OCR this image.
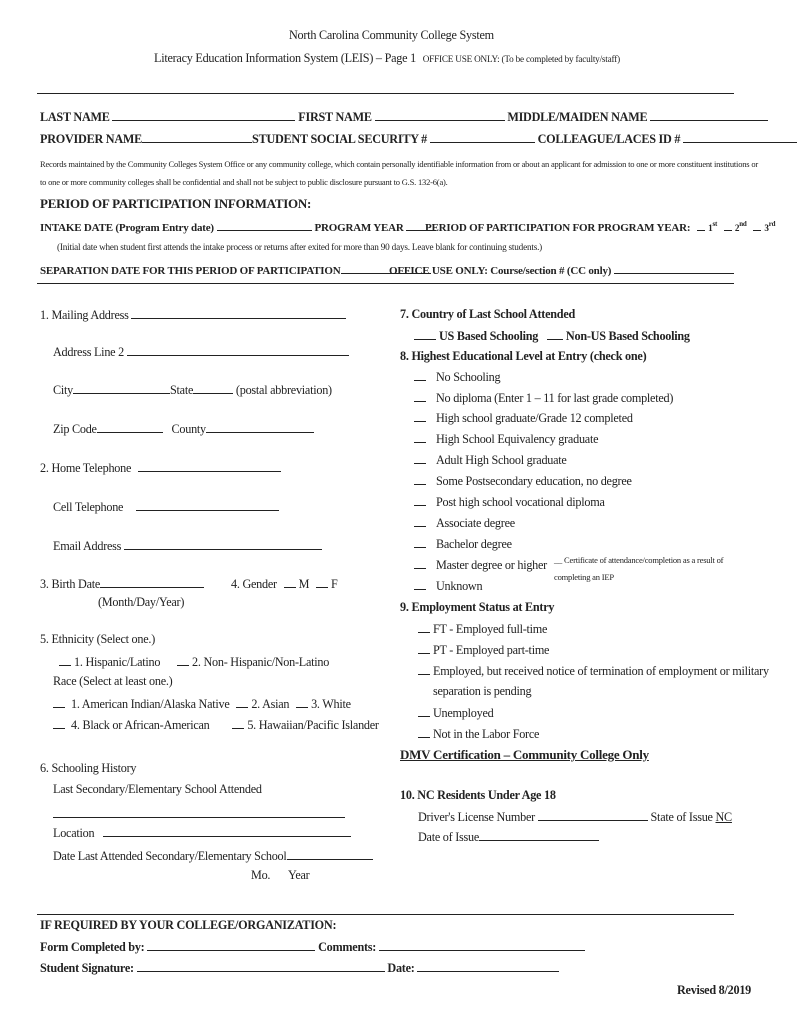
North Carolina Community College System
Literacy Education Information System (LEIS) – Page 1 OFFICE USE ONLY: (To be completed by faculty/staff)
LAST NAME	FIRST NAME	MIDDLE/MAIDEN NAME
PROVIDER NAME	STUDENT SOCIAL SECURITY #	COLLEAGUE/LACES ID #
Records maintained by the Community Colleges System Office or any community college, which contain personally identifiable information from or about an applicant for admission to one or more constituent institutions or
to one or more community colleges shall be confidential and shall not be subject to public disclosure pursuant to G.S. 132-6(a).
PERIOD OF PARTICIPATION INFORMATION:
INTAKE DATE (Program Entry date)	PROGRAM YEAR	PERIOD OF PARTICIPATION FOR PROGRAM YEAR: 1st 2nd 3rd
(Initial date when student first attends the intake process or returns after exited for more than 90 days. Leave blank for continuing students.)
SEPARATION DATE FOR THIS PERIOD OF PARTICIPATION	OFFICE USE ONLY: Course/section # (CC only)
1. Mailing Address
Address Line 2
City	State	(postal abbreviation)
Zip Code	County
2. Home Telephone
Cell Telephone
Email Address
3. Birth Date	4. Gender M F
(Month/Day/Year)
5. Ethnicity (Select one.)
1. Hispanic/Latino	2. Non- Hispanic/Non-Latino
Race (Select at least one.)
1. American Indian/Alaska Native 2. Asian 3. White
4. Black or African-American	5. Hawaiian/Pacific Islander
6. Schooling History
Last Secondary/Elementary School Attended
Location
Date Last Attended Secondary/Elementary School
Mo. Year
7. Country of Last School Attended
US Based Schooling Non-US Based Schooling
8. Highest Educational Level at Entry (check one)
No Schooling
No diploma (Enter 1 – 11 for last grade completed)
High school graduate/Grade 12 completed
High School Equivalency graduate
Adult High School graduate
Some Postsecondary education, no degree
Post high school vocational diploma
Associate degree
Bachelor degree
Master degree or higher
Unknown
__ Certificate of attendance/completion as a result of
completing an IEP
9. Employment Status at Entry
FT - Employed full-time
PT - Employed part-time
Employed, but received notice of termination of employment or military
separation is pending
Unemployed
Not in the Labor Force
DMV Certification – Community College Only
10. NC Residents Under Age 18
Driver's License Number	State of Issue NC
Date of Issue
IF REQUIRED BY YOUR COLLEGE/ORGANIZATION:
Form Completed by:	Comments:
Student Signature:	Date:
Revised 8/2019
